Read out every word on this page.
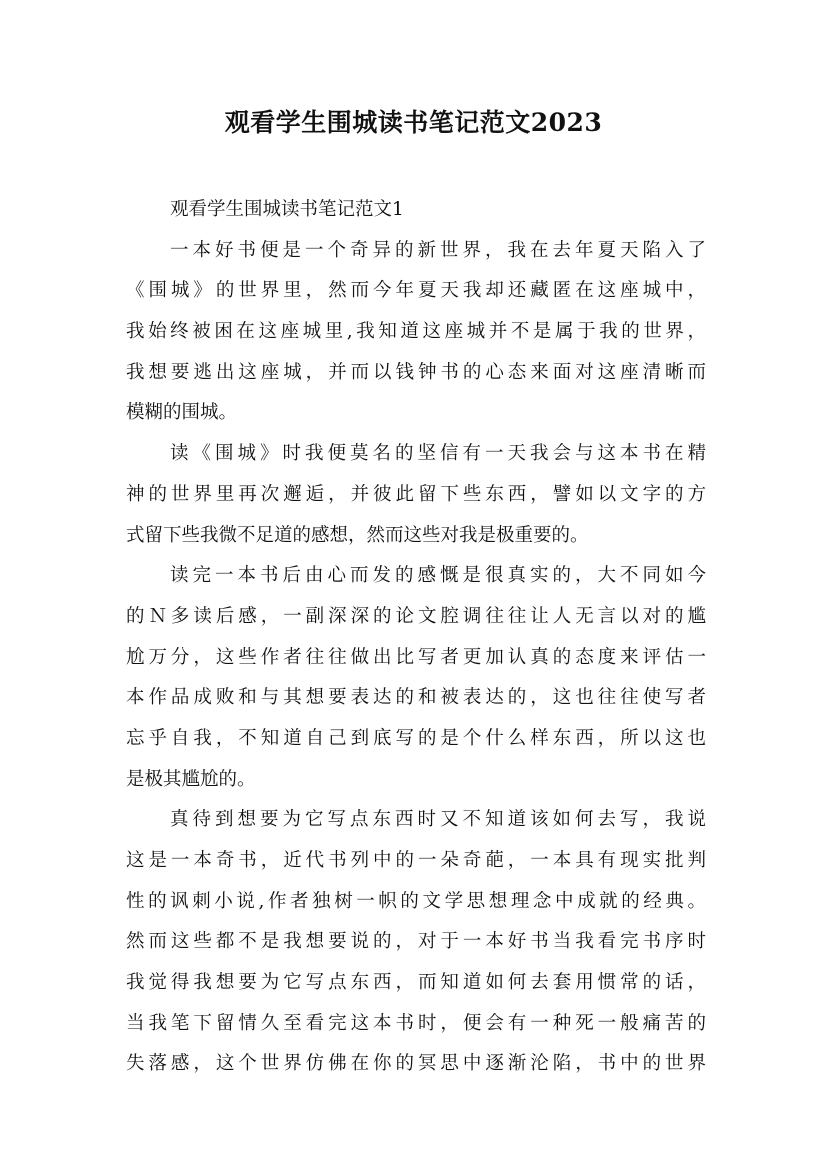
观看学生围城读书笔记范文2023
观看学生围城读书笔记范文1
一本好书便是一个奇异的新世界，我在去年夏天陷入了
《围城》的世界里，然而今年夏天我却还藏匿在这座城中，
我始终被困在这座城里,我知道这座城并不是属于我的世界，
我想要逃出这座城，并而以钱钟书的心态来面对这座清晰而
模糊的围城。
读《围城》时我便莫名的坚信有一天我会与这本书在精
神的世界里再次邂逅，并彼此留下些东西，譬如以文字的方
式留下些我微不足道的感想，然而这些对我是极重要的。
读完一本书后由心而发的感慨是很真实的，大不同如今
的Ｎ多读后感，一副深深的论文腔调往往让人无言以对的尴
尬万分，这些作者往往做出比写者更加认真的态度来评估一
本作品成败和与其想要表达的和被表达的，这也往往使写者
忘乎自我，不知道自己到底写的是个什么样东西，所以这也
是极其尴尬的。
真待到想要为它写点东西时又不知道该如何去写，我说
这是一本奇书，近代书列中的一朵奇葩，一本具有现实批判
性的讽刺小说,作者独树一帜的文学思想理念中成就的经典。
然而这些都不是我想要说的，对于一本好书当我看完书序时
我觉得我想要为它写点东西，而知道如何去套用惯常的话，
当我笔下留情久至看完这本书时，便会有一种死一般痛苦的
失落感，这个世界仿佛在你的冥思中逐渐沦陷，书中的世界
